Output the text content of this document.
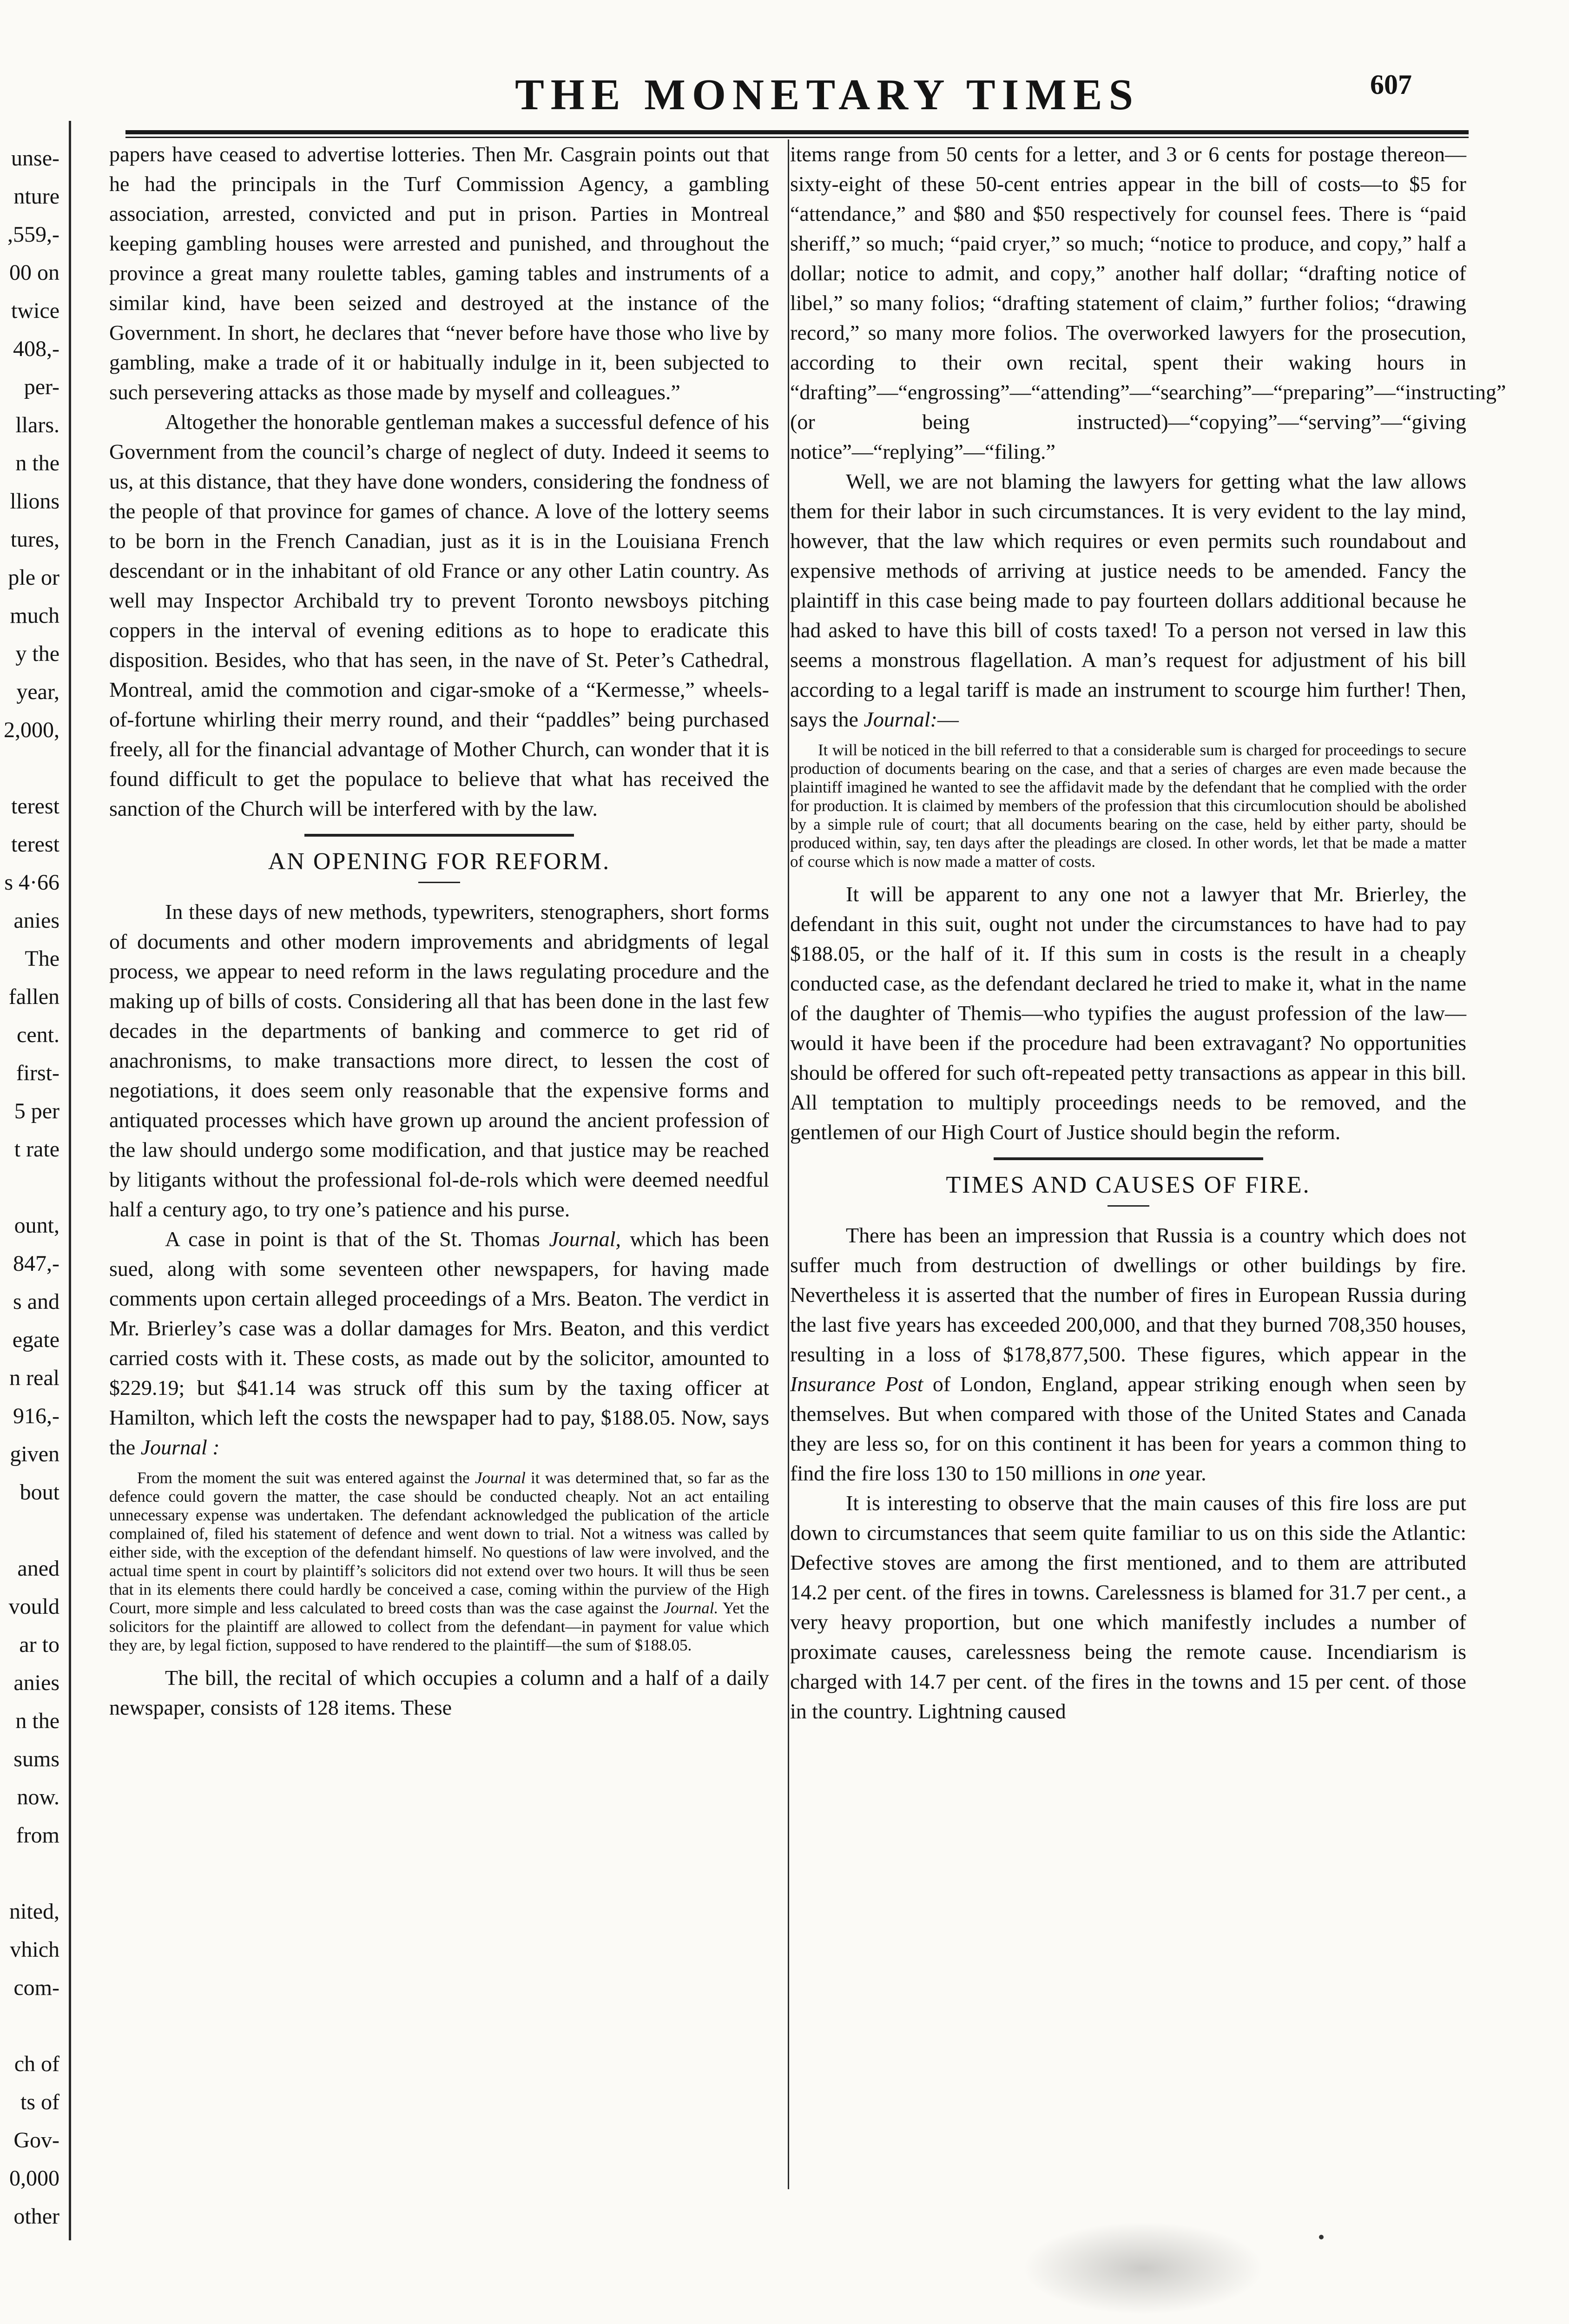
THE MONETARY TIMES	607
unse-
nture
,559,-
00 on
twice
408,-
per-
llars.
n the
llions
tures,
ple or
much
y the
year,
2,000,
terest
terest
s 4·66
anies
The
fallen
cent.
first-
5 per
t rate
ount,
847,-
s and
egate
n real
916,-
given
bout
aned
vould
ar to
anies
n the
sums
now.
from
nited,
vhich
com-
ch of
ts of
Gov-
0,000
other

papers have ceased to advertise lotteries. Then Mr. Casgrain points out that he had the principals in the Turf Commission Agency, a gambling association, arrested, convicted and put in prison. Parties in Montreal keeping gambling houses were arrested and punished, and throughout the province a great many roulette tables, gaming tables and instruments of a similar kind, have been seized and destroyed at the instance of the Government. In short, he declares that “never before have those who live by gambling, make a trade of it or habitually indulge in it, been subjected to such persevering attacks as those made by myself and colleagues.”

Altogether the honorable gentleman makes a successful defence of his Government from the council’s charge of neglect of duty. Indeed it seems to us, at this distance, that they have done wonders, considering the fondness of the people of that province for games of chance. A love of the lottery seems to be born in the French Canadian, just as it is in the Louisiana French descendant or in the inhabitant of old France or any other Latin country. As well may Inspector Archibald try to prevent Toronto newsboys pitching coppers in the interval of evening editions as to hope to eradicate this disposition. Besides, who that has seen, in the nave of St. Peter’s Cathedral, Montreal, amid the commotion and cigar-smoke of a “Kermesse,” wheels-of-fortune whirling their merry round, and their “paddles” being purchased freely, all for the financial advantage of Mother Church, can wonder that it is found difficult to get the populace to believe that what has received the sanction of the Church will be interfered with by the law.

AN OPENING FOR REFORM.

In these days of new methods, typewriters, stenographers, short forms of documents and other modern improvements and abridgments of legal process, we appear to need reform in the laws regulating procedure and the making up of bills of costs. Considering all that has been done in the last few decades in the departments of banking and commerce to get rid of anachronisms, to make transactions more direct, to lessen the cost of negotiations, it does seem only reasonable that the expensive forms and antiquated processes which have grown up around the ancient profession of the law should undergo some modification, and that justice may be reached by litigants without the professional fol-de-rols which were deemed needful half a century ago, to try one’s patience and his purse.

A case in point is that of the St. Thomas Journal, which has been sued, along with some seventeen other newspapers, for having made comments upon certain alleged proceedings of a Mrs. Beaton. The verdict in Mr. Brierley’s case was a dollar damages for Mrs. Beaton, and this verdict carried costs with it. These costs, as made out by the solicitor, amounted to $229.19; but $41.14 was struck off this sum by the taxing officer at Hamilton, which left the costs the newspaper had to pay, $188.05. Now, says the Journal :

From the moment the suit was entered against the Journal it was determined that, so far as the defence could govern the matter, the case should be conducted cheaply. Not an act entailing unnecessary expense was undertaken. The defendant acknowledged the publication of the article complained of, filed his statement of defence and went down to trial. Not a witness was called by either side, with the exception of the defendant himself. No questions of law were involved, and the actual time spent in court by plaintiff’s solicitors did not extend over two hours. It will thus be seen that in its elements there could hardly be conceived a case, coming within the purview of the High Court, more simple and less calculated to breed costs than was the case against the Journal. Yet the solicitors for the plaintiff are allowed to collect from the defendant—in payment for value which they are, by legal fiction, supposed to have rendered to the plaintiff—the sum of $188.05.

The bill, the recital of which occupies a column and a half of a daily newspaper, consists of 128 items. These

items range from 50 cents for a letter, and 3 or 6 cents for postage thereon—sixty-eight of these 50-cent entries appear in the bill of costs—to $5 for “attendance,” and $80 and $50 respectively for counsel fees. There is “paid sheriff,” so much; “paid cryer,” so much; “notice to produce, and copy,” half a dollar; notice to admit, and copy,” another half dollar; “drafting notice of libel,” so many folios; “drafting statement of claim,” further folios; “drawing record,” so many more folios. The overworked lawyers for the prosecution, according to their own recital, spent their waking hours in “drafting”—“engrossing”—“attending”—“searching”—“preparing”—“instructing” (or being instructed)—“copying”—“serving”—“giving notice”—“replying”—“filing.”

Well, we are not blaming the lawyers for getting what the law allows them for their labor in such circumstances. It is very evident to the lay mind, however, that the law which requires or even permits such roundabout and expensive methods of arriving at justice needs to be amended. Fancy the plaintiff in this case being made to pay fourteen dollars additional because he had asked to have this bill of costs taxed! To a person not versed in law this seems a monstrous flagellation. A man’s request for adjustment of his bill according to a legal tariff is made an instrument to scourge him further! Then, says the Journal:—

It will be noticed in the bill referred to that a considerable sum is charged for proceedings to secure production of documents bearing on the case, and that a series of charges are even made because the plaintiff imagined he wanted to see the affidavit made by the defendant that he complied with the order for production. It is claimed by members of the profession that this circumlocution should be abolished by a simple rule of court; that all documents bearing on the case, held by either party, should be produced within, say, ten days after the pleadings are closed. In other words, let that be made a matter of course which is now made a matter of costs.

It will be apparent to any one not a lawyer that Mr. Brierley, the defendant in this suit, ought not under the circumstances to have had to pay $188.05, or the half of it. If this sum in costs is the result in a cheaply conducted case, as the defendant declared he tried to make it, what in the name of the daughter of Themis—who typifies the august profession of the law—would it have been if the procedure had been extravagant? No opportunities should be offered for such oft-repeated petty transactions as appear in this bill. All temptation to multiply proceedings needs to be removed, and the gentlemen of our High Court of Justice should begin the reform.

TIMES AND CAUSES OF FIRE.

There has been an impression that Russia is a country which does not suffer much from destruction of dwellings or other buildings by fire. Nevertheless it is asserted that the number of fires in European Russia during the last five years has exceeded 200,000, and that they burned 708,350 houses, resulting in a loss of $178,877,500. These figures, which appear in the Insurance Post of London, England, appear striking enough when seen by themselves. But when compared with those of the United States and Canada they are less so, for on this continent it has been for years a common thing to find the fire loss 130 to 150 millions in one year.

It is interesting to observe that the main causes of this fire loss are put down to circumstances that seem quite familiar to us on this side the Atlantic: Defective stoves are among the first mentioned, and to them are attributed 14.2 per cent. of the fires in towns. Carelessness is blamed for 31.7 per cent., a very heavy proportion, but one which manifestly includes a number of proximate causes, carelessness being the remote cause. Incendiarism is charged with 14.7 per cent. of the fires in the towns and 15 per cent. of those in the country. Lightning caused
